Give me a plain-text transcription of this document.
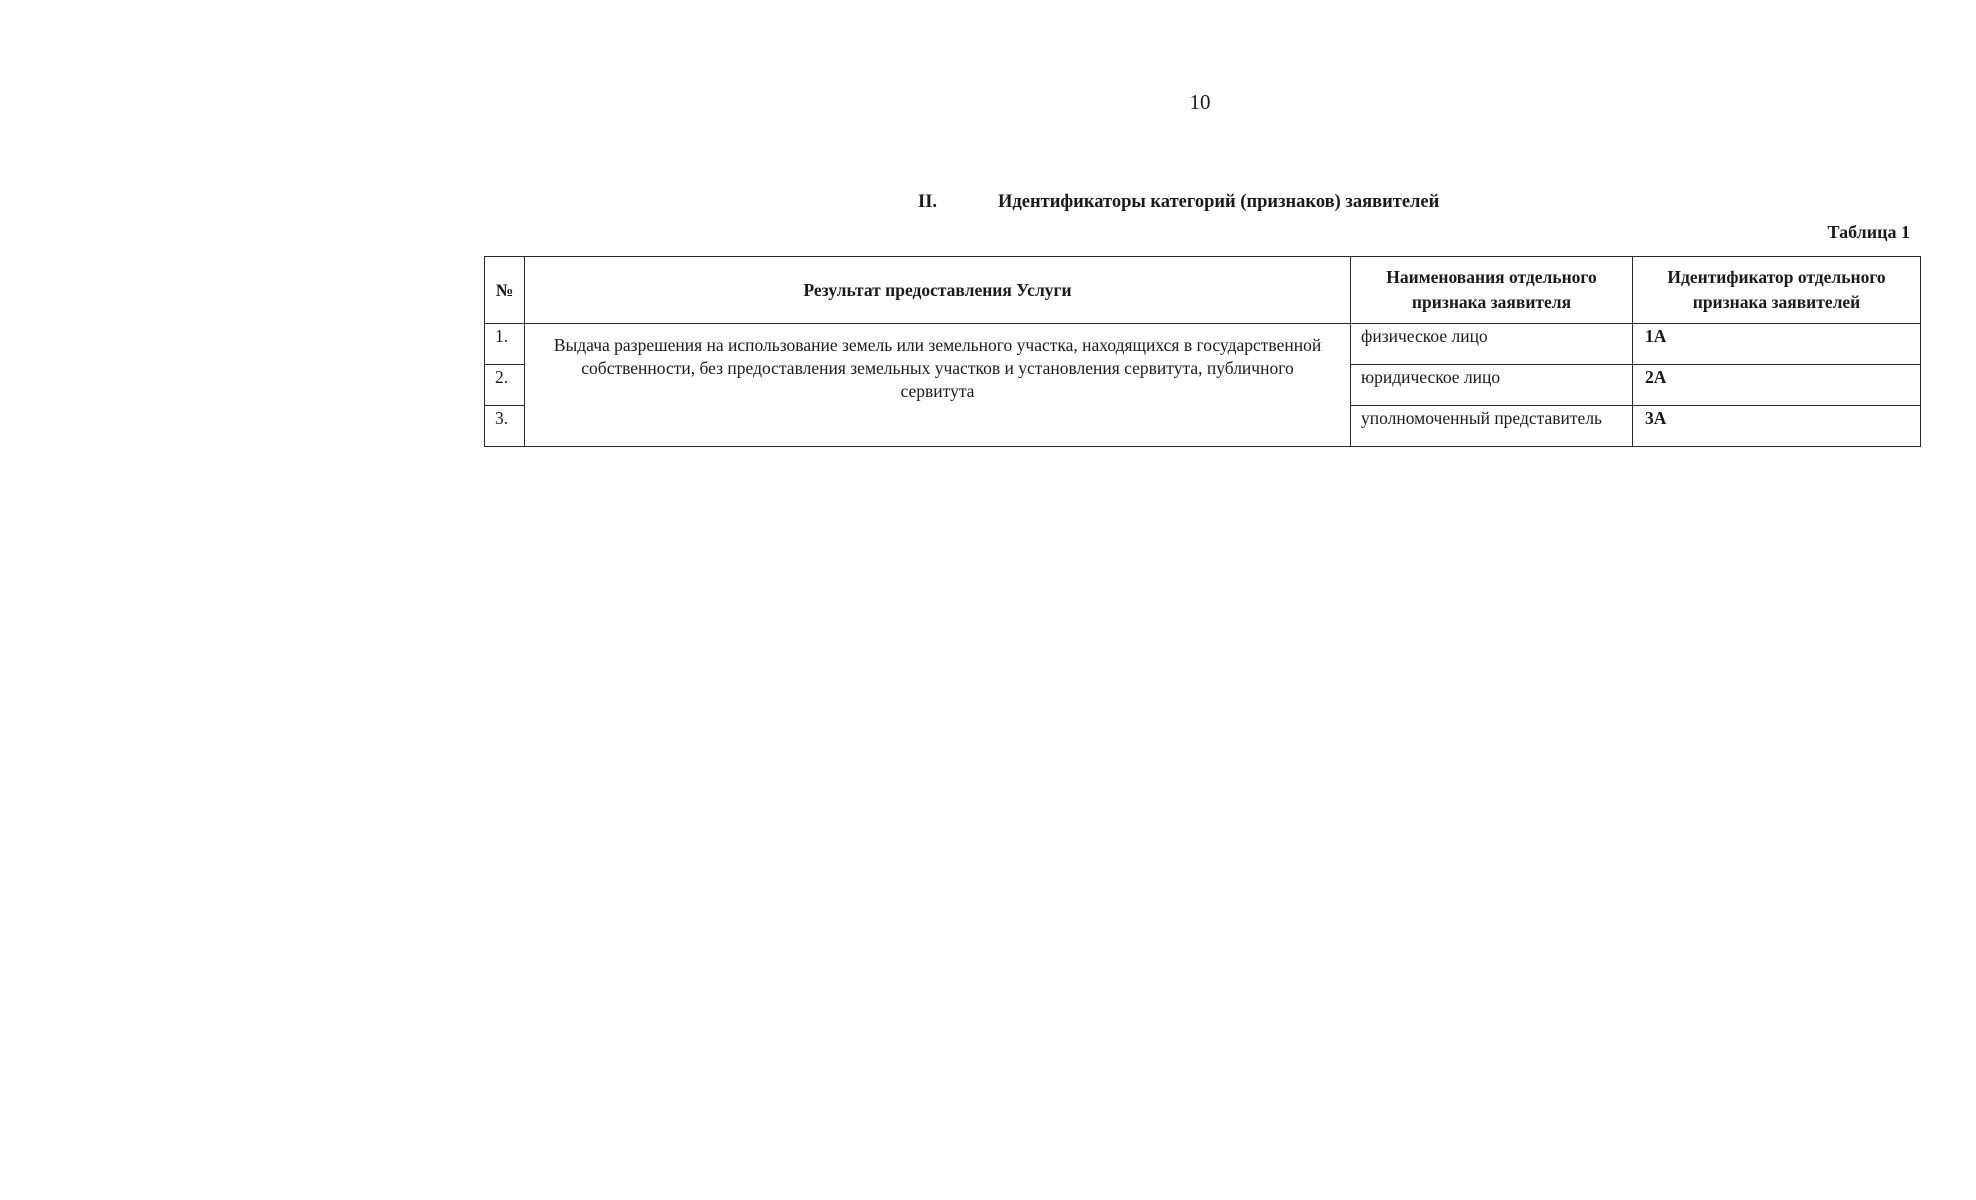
10
II.	Идентификаторы категорий (признаков) заявителей
Таблица 1
№	Результат предоставления Услуги	Наименования отдельного признака заявителя	Идентификатор отдельного признака заявителей
1.	Выдача разрешения на использование земель или земельного участка, находящихся в государственной собственности, без предоставления земельных участков и установления сервитута, публичного сервитута	физическое лицо	1А
2.		юридическое лицо	2А
3.		уполномоченный представитель	3А
